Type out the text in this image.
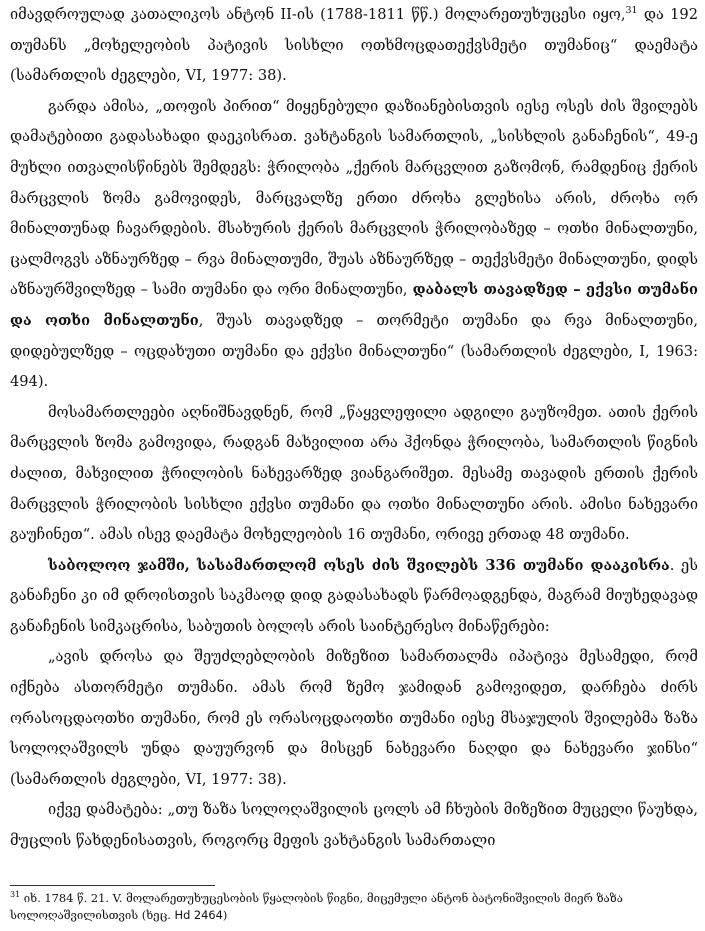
იმავდროულად კათალიკოს ანტონ II-ის (1788-1811 წწ.) მოლარეთუხუცესი იყო,$^{31}$ და 192 თუმანს „მოხელეობის პატივის სისხლი ოთხმოცდათექვსმეტი თუმანიც“ დაემატა (სამართლის ძეგლები, VI, 1977: 38).

გარდა ამისა, „თოფის პირით“ მიყენებული დაზიანებისთვის იესე ოსეს ძის შვილებს დამატებითი გადასახადი დაეკისრათ. ვახტანგის სამართლის, „სისხლის განაჩენის“, 49-ე მუხლი ითვალისწინებს შემდეგს: ჭრილობა „ქერის მარცვლით გაზომონ, რამდენიც ქერის მარცვლის ზომა გამოვიდეს, მარცვალზე ერთი ძროხა გლეხისა არის, ძროხა ორ მინალთუნად ჩავარდების. მსახურის ქერის მარცვლის ჭრილობაზედ – ოთხი მინალთუნი, ცალმოგვს აზნაურზედ – რვა მინალთუმი, შუას აზნაურზედ – თექვსმეტი მინალთუნი, დიდს აზნაურშვილზედ – სამი თუმანი და ორი მინალთუნი, დაბალს თავადზედ – ექვსი თუმანი და ოთხი მინალთუნი, შუას თავადზედ – თორმეტი თუმანი და რვა მინალთუნი, დიდებულზედ – ოცდახუთი თუმანი და ექვსი მინალთუნი“ (სამართლის ძეგლები, I, 1963: 494).

მოსამართლეები აღნიშნავდნენ, რომ „წაყვლეფილი ადგილი გაუზომეთ. ათის ქერის მარცვლის ზომა გამოვიდა, რადგან მახვილით არა ჰქონდა ჭრილობა, სამართლის წიგნის ძალით, მახვილით ჭრილობის ნახევარზედ ვიანგარიშეთ. მესამე თავადის ერთის ქერის მარცვლის ჭრილობის სისხლი ექვსი თუმანი და ოთხი მინალთუნი არის. ამისი ნახევარი გაუჩინეთ“. ამას ისევ დაემატა მოხელეობის 16 თუმანი, ორივე ერთად 48 თუმანი.

საბოლოო ჯამში, სასამართლომ ოსეს ძის შვილებს 336 თუმანი დააკისრა. ეს განაჩენი კი იმ დროისთვის საკმაოდ დიდ გადასახადს წარმოადგენდა, მაგრამ მიუხედავად განაჩენის სიმკაცრისა, საბუთის ბოლოს არის საინტერესო მინაწერები:

„ავის დროსა და შეუძლებლობის მიზეზით სამართალმა იპატივა მესამედი, რომ იქნება ასთორმეტი თუმანი. ამას რომ ზემო ჯამიდან გამოვიდეთ, დარჩება ძირს ორასოცდაოთხი თუმანი, რომ ეს ორასოცდაოთხი თუმანი იესე მსაჯულის შვილებმა ზაზა სოლოღაშვილს უნდა დაუურვონ და მისცენ ნახევარი ნაღდი და ნახევარი ჯინსი“ (სამართლის ძეგლები, VI, 1977: 38).

იქვე დამატება: „თუ ზაზა სოლოღაშვილის ცოლს ამ ჩხუბის მიზეზით მუცელი წაუხდა, მუცლის წახდენისათვის, როგორც მეფის ვახტანგის სამართალი

$^{31}$ იხ. 1784 წ. 21. V. მოლარეთუხუცესობის წყალობის წიგნი, მიცემული ანტონ ბატონიშვილის მიერ ზაზა სოლოღაშვილისთვის (ხეც. Hd 2464)
